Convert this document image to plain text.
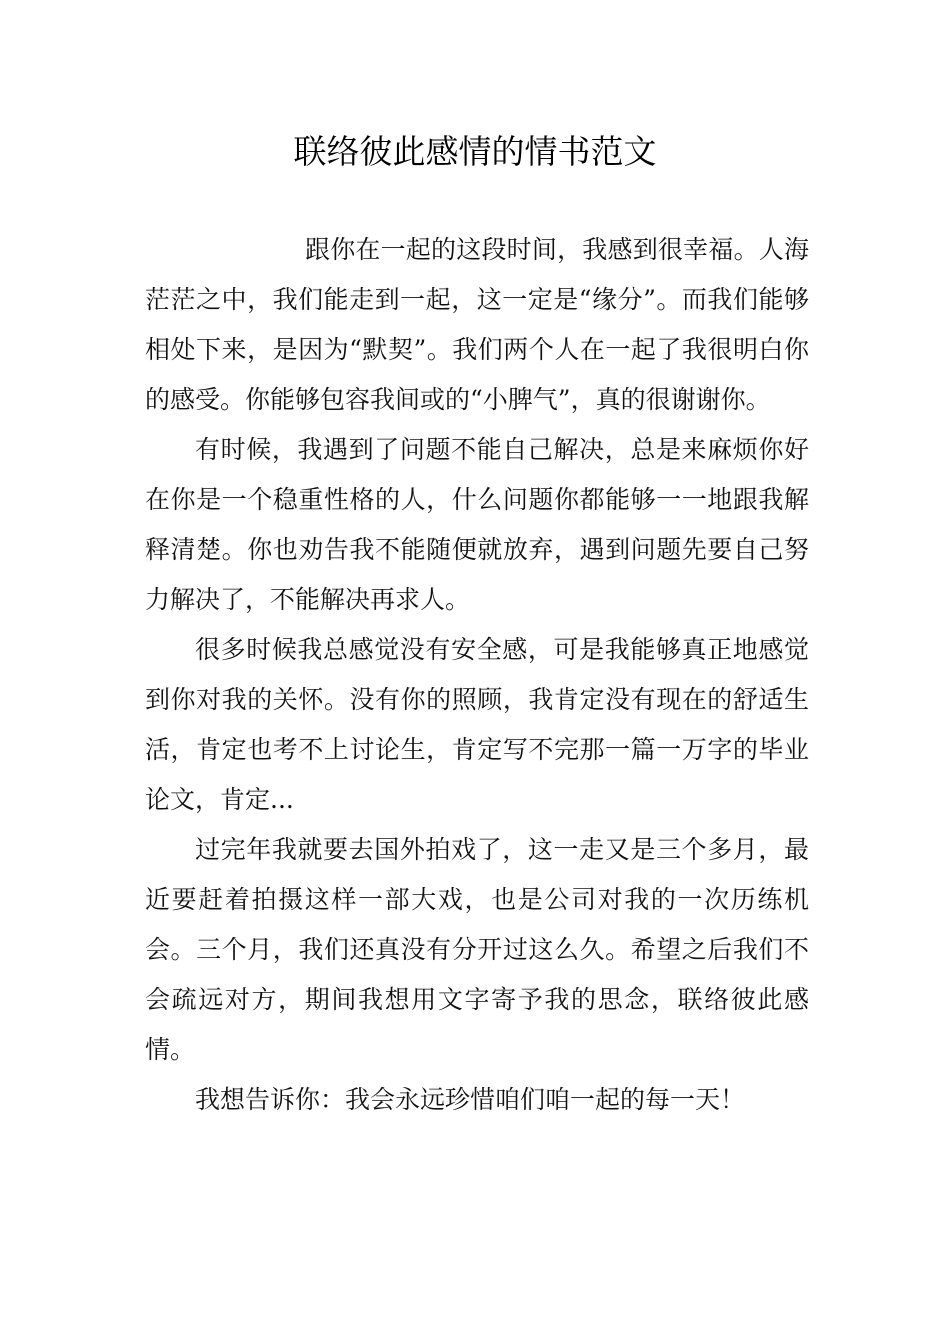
联络彼此感情的情书范文

跟你在一起的这段时间，我感到很幸福。人海茫茫之中，我们能走到一起，这一定是“缘分”。而我们能够相处下来，是因为“默契”。我们两个人在一起了我很明白你的感受。你能够包容我间或的“小脾气”，真的很谢谢你。

有时候，我遇到了问题不能自己解决，总是来麻烦你好在你是一个稳重性格的人，什么问题你都能够一一地跟我解释清楚。你也劝告我不能随便就放弃，遇到问题先要自己努力解决了，不能解决再求人。

很多时候我总感觉没有安全感，可是我能够真正地感觉到你对我的关怀。没有你的照顾，我肯定没有现在的舒适生活，肯定也考不上讨论生，肯定写不完那一篇一万字的毕业论文，肯定...

过完年我就要去国外拍戏了，这一走又是三个多月，最近要赶着拍摄这样一部大戏，也是公司对我的一次历练机会。三个月，我们还真没有分开过这么久。希望之后我们不会疏远对方，期间我想用文字寄予我的思念，联络彼此感情。

我想告诉你：我会永远珍惜咱们咱一起的每一天！
